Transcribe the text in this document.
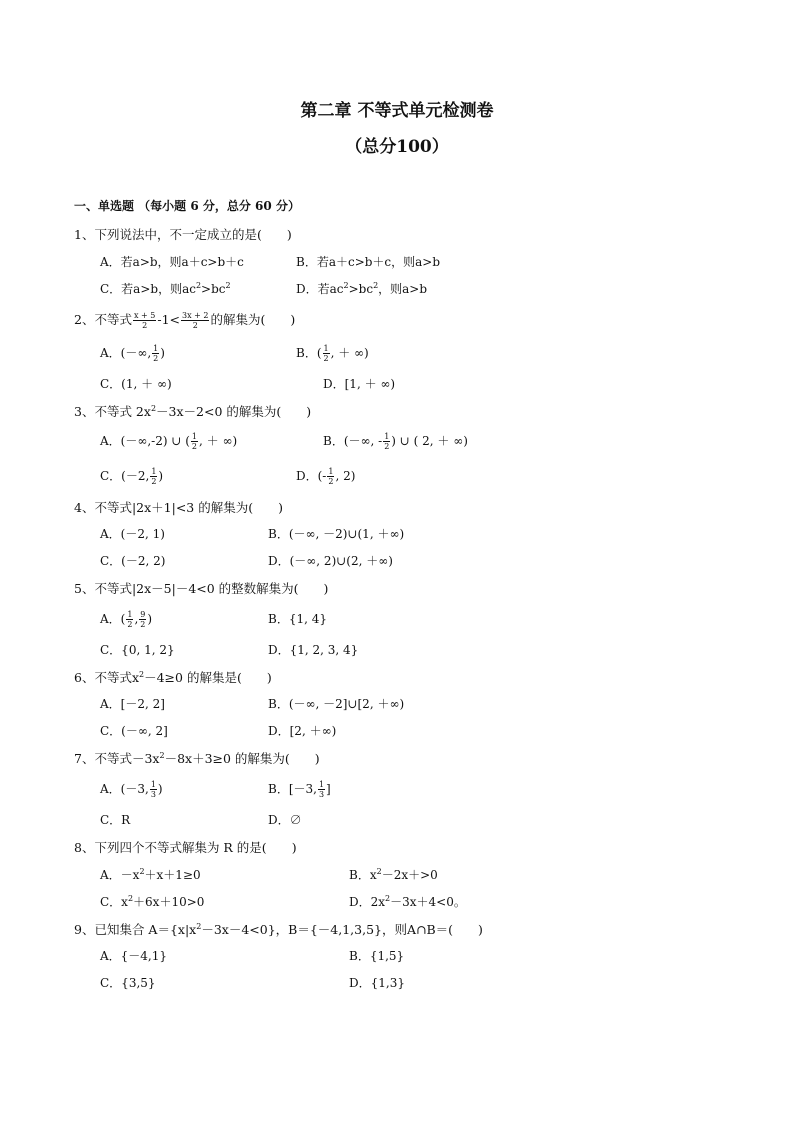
第二章 不等式单元检测卷
（总分100）
一、单选题 （每小题 6 分，总分 60 分）
1、下列说法中，不一定成立的是(　　)
A．若a>b，则a＋c>b＋c	B．若a＋c>b＋c，则a>b
C．若a>b，则$ac^2>bc^2$	D．若$ac^2>bc^2$，则a>b
2、不等式 $\frac{x + 5}{2} -1< \frac{3x + 2}{2}$ 的解集为(　　)
A．(－∞, $\frac{1}{2}$ )	B．( $\frac{1}{2}$ , ＋ ∞)
C．(1, ＋ ∞)	D．[1, ＋ ∞)
3、不等式 $2x^2-3x-2<0$ 的解集为(　　)
A．(－∞,-2) ∪ ( $\frac{1}{2}$ , ＋ ∞)	B．(－∞, - $\frac{1}{2}$ ) ∪ ( 2, ＋ ∞)
C．(－2, $\frac{1}{2}$ )	D．(- $\frac{1}{2}$ , 2)
4、不等式|2x＋1|<3 的解集为(　　)
A．(－2, 1)	B．(－∞, －2)∪(1, ＋∞)
C．(－2, 2)	D．(－∞, 2)∪(2, ＋∞)
5、不等式|2x－5|－4<0 的整数解集为(　　)
A．( $\frac{1}{2}$ , $\frac{9}{2}$ )	B．{1, 4}
C．{0, 1, 2}	D．{1, 2, 3, 4}
6、不等式$x^2-4\ge 0$ 的解集是(　　)
A．[－2, 2]	B．(－∞, －2]∪[2, ＋∞)
C．(－∞, 2]	D．[2, ＋∞)
7、不等式$-3x^2-8x+3\ge 0$ 的解集为(　　)
A．(－3, $\frac{1}{3}$ )	B．[－3, $\frac{1}{3}$ ]
C．R	D．∅
8、下列四个不等式解集为 R 的是(　　)
A．$-x^2+x+1\ge 0$	B．$x^2-2x+>0$
C．$x^2+6x+10>0$	D．$2x^2-3x+4<0$。
9、已知集合 $A=\{x|x^2-3x-4<0\}$，B＝{－4,1,3,5}，则A∩B＝(　　)
A．{－4,1}	B．{1,5}
C．{3,5}	D．{1,3}
